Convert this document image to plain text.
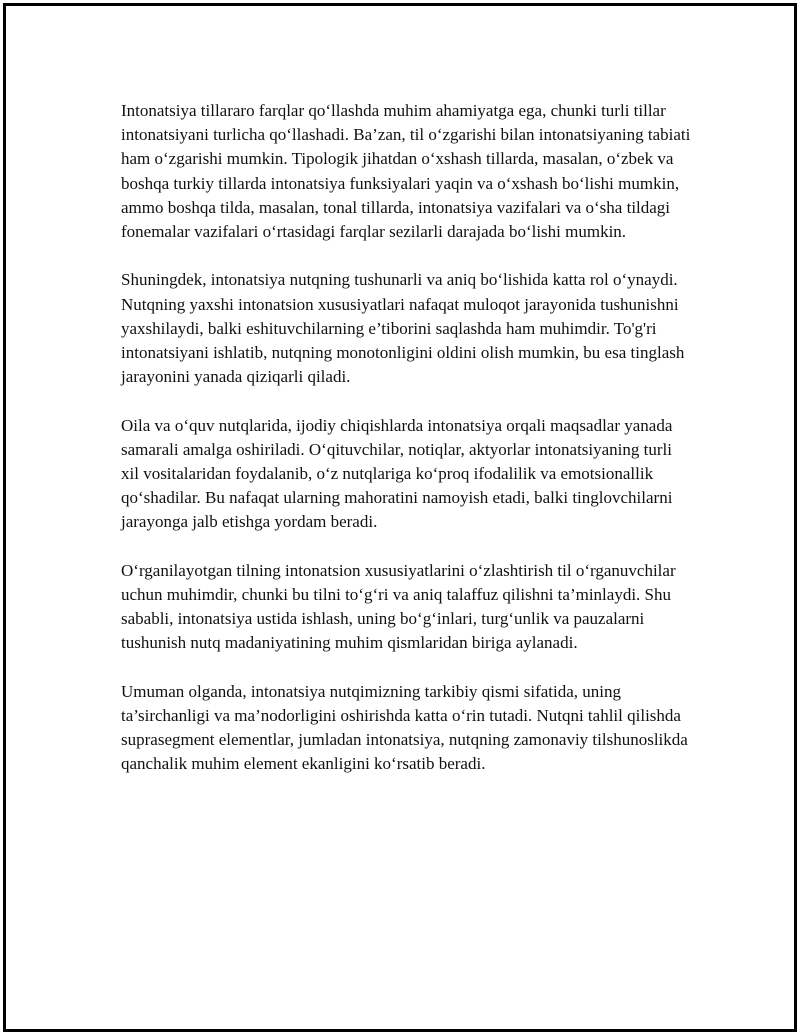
Intonatsiya tillararo farqlar qo‘llashda muhim ahamiyatga ega, chunki turli tillar intonatsiyani turlicha qo‘llashadi. Ba’zan, til o‘zgarishi bilan intonatsiyaning tabiati ham o‘zgarishi mumkin. Tipologik jihatdan o‘xshash tillarda, masalan, o‘zbek va boshqa turkiy tillarda intonatsiya funksiyalari yaqin va o‘xshash bo‘lishi mumkin, ammo boshqa tilda, masalan, tonal tillarda, intonatsiya vazifalari va o‘sha tildagi fonemalar vazifalari o‘rtasidagi farqlar sezilarli darajada bo‘lishi mumkin.

Shuningdek, intonatsiya nutqning tushunarli va aniq bo‘lishida katta rol o‘ynaydi. Nutqning yaxshi intonatsion xususiyatlari nafaqat muloqot jarayonida tushunishni yaxshilaydi, balki eshituvchilarning e’tiborini saqlashda ham muhimdir. To'g'ri intonatsiyani ishlatib, nutqning monotonligini oldini olish mumkin, bu esa tinglash jarayonini yanada qiziqarli qiladi.

Oila va o‘quv nutqlarida, ijodiy chiqishlarda intonatsiya orqali maqsadlar yanada samarali amalga oshiriladi. O‘qituvchilar, notiqlar, aktyorlar intonatsiyaning turli xil vositalaridan foydalanib, o‘z nutqlariga ko‘proq ifodalilik va emotsionallik qo‘shadilar. Bu nafaqat ularning mahoratini namoyish etadi, balki tinglovchilarni jarayonga jalb etishga yordam beradi.

O‘rganilayotgan tilning intonatsion xususiyatlarini o‘zlashtirish til o‘rganuvchilar uchun muhimdir, chunki bu tilni to‘g‘ri va aniq talaffuz qilishni ta’minlaydi. Shu sababli, intonatsiya ustida ishlash, uning bo‘g‘inlari, turg‘unlik va pauzalarni tushunish nutq madaniyatining muhim qismlaridan biriga aylanadi.

Umuman olganda, intonatsiya nutqimizning tarkibiy qismi sifatida, uning ta’sirchanligi va ma’nodorligini oshirishda katta o‘rin tutadi. Nutqni tahlil qilishda suprasegment elementlar, jumladan intonatsiya, nutqning zamonaviy tilshunoslikda qanchalik muhim element ekanligini ko‘rsatib beradi.
